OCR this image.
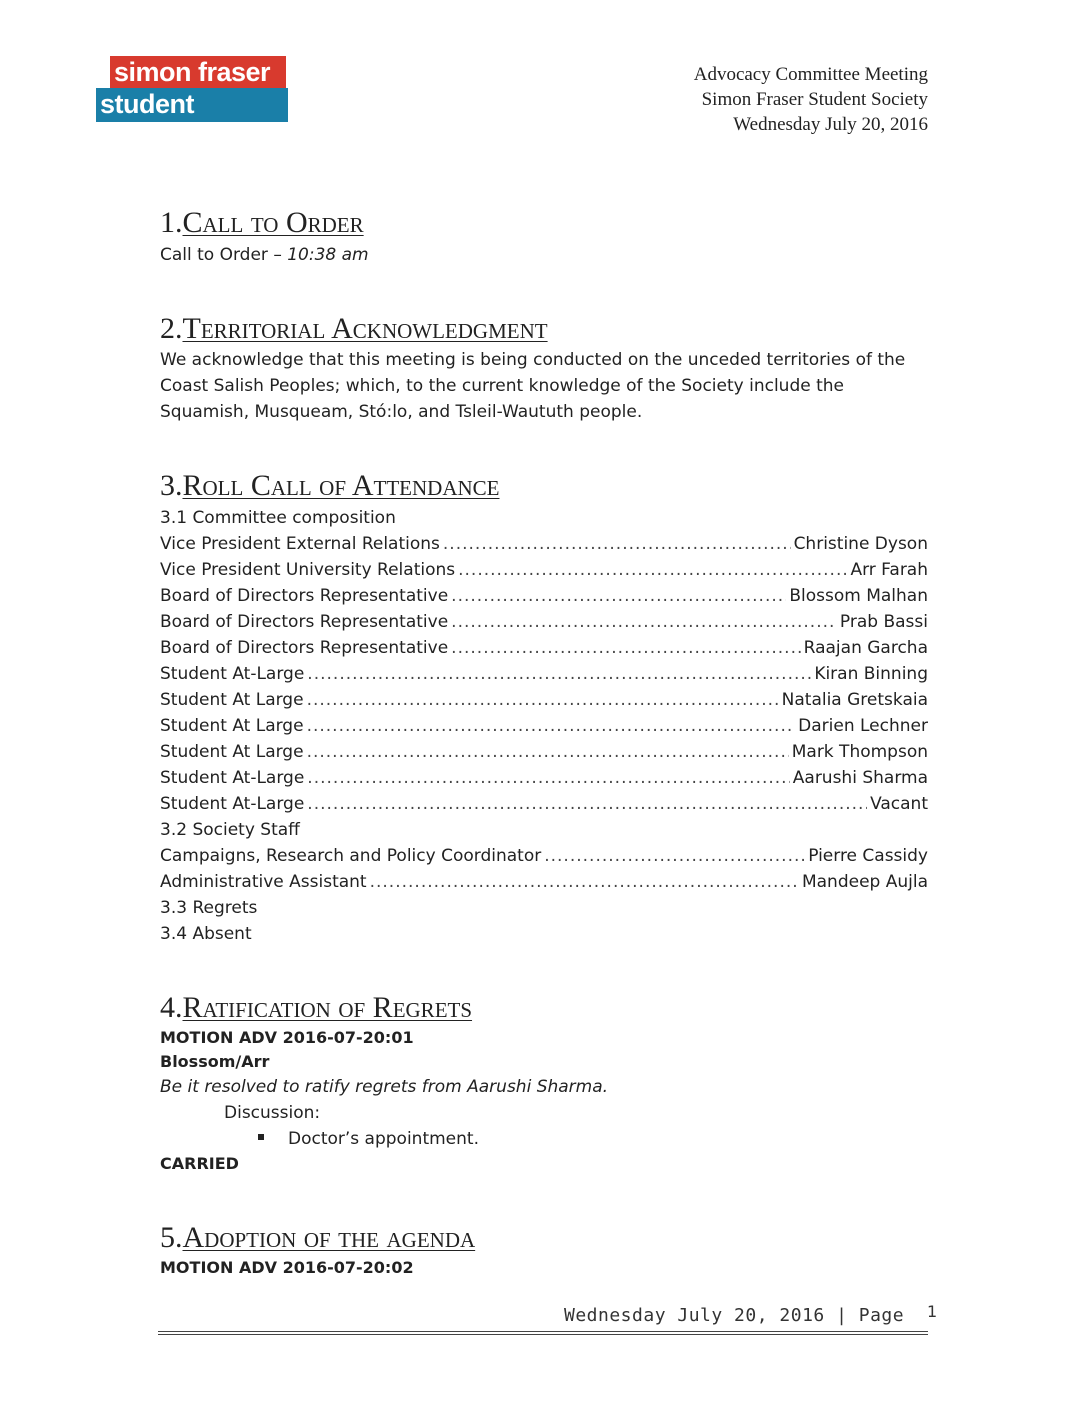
simon fraser
student society
Advocacy Committee Meeting
Simon Fraser Student Society
Wednesday July 20, 2016
1.Call to Order
Call to Order – 10:38 am
2.Territorial Acknowledgment
We acknowledge that this meeting is being conducted on the unceded territories of the
Coast Salish Peoples; which, to the current knowledge of the Society include the
Squamish, Musqueam, Stó:lo, and Tsleil-Waututh people.
3.Roll Call of Attendance
3.1 Committee composition
Vice President External Relations .....	Christine Dyson
Vice President University Relations .....	Arr Farah
Board of Directors Representative .....	Blossom Malhan
Board of Directors Representative .....	Prab Bassi
Board of Directors Representative .....	Raajan Garcha
Student At-Large .....	Kiran Binning
Student At Large .....	Natalia Gretskaia
Student At Large .....	Darien Lechner
Student At Large .....	Mark Thompson
Student At-Large .....	Aarushi Sharma
Student At-Large .....	Vacant
3.2 Society Staff
Campaigns, Research and Policy Coordinator .....	Pierre Cassidy
Administrative Assistant .....	Mandeep Aujla
3.3 Regrets
3.4 Absent
4.Ratification of Regrets
MOTION ADV 2016-07-20:01
Blossom/Arr
Be it resolved to ratify regrets from Aarushi Sharma.
Discussion:
Doctor’s appointment.
CARRIED
5.Adoption of the agenda
MOTION ADV 2016-07-20:02
Wednesday July 20, 2016 | Page 1
